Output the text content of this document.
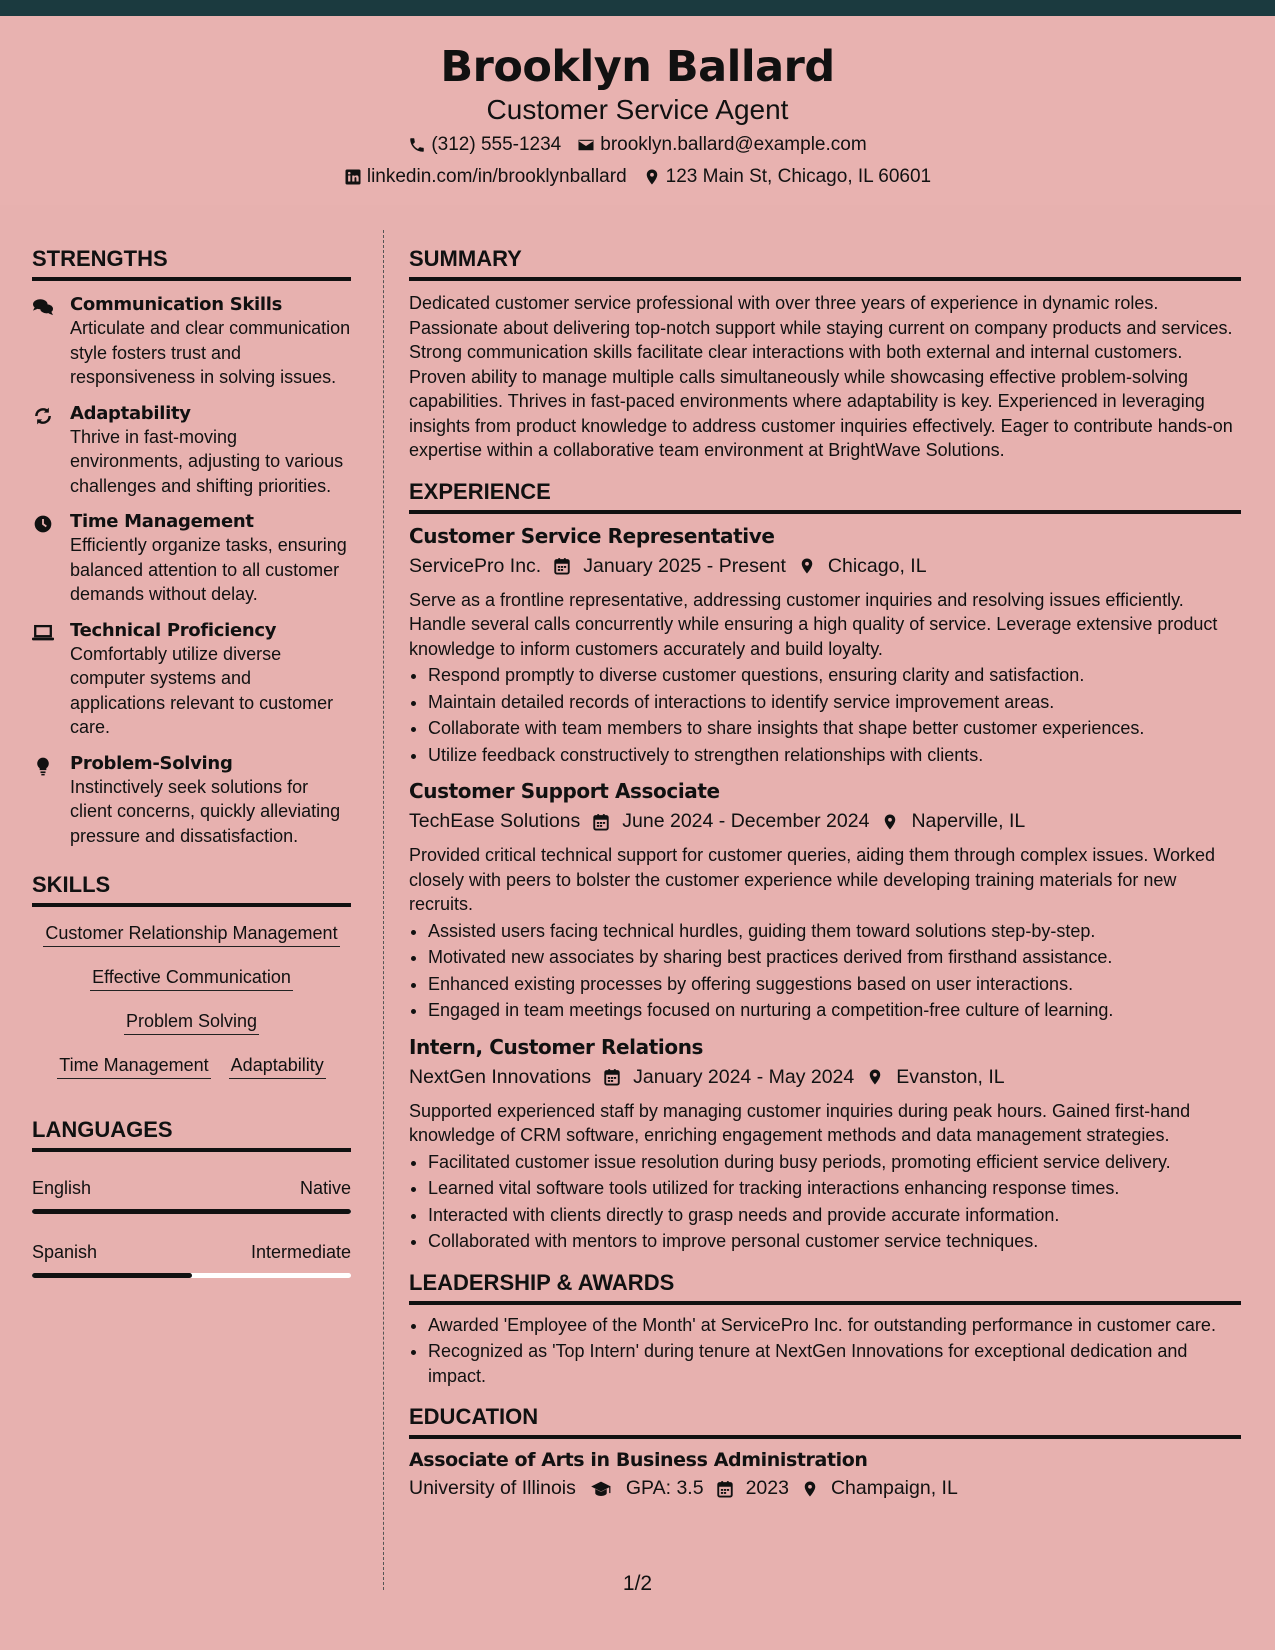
Brooklyn Ballard
Customer Service Agent
(312) 555-1234 brooklyn.ballard@example.com
linkedin.com/in/brooklynballard 123 Main St, Chicago, IL 60601
STRENGTHS
Communication Skills
Articulate and clear communication style fosters trust and responsiveness in solving issues.
Adaptability
Thrive in fast-moving environments, adjusting to various challenges and shifting priorities.
Time Management
Efficiently organize tasks, ensuring balanced attention to all customer demands without delay.
Technical Proficiency
Comfortably utilize diverse computer systems and applications relevant to customer care.
Problem-Solving
Instinctively seek solutions for client concerns, quickly alleviating pressure and dissatisfaction.
SKILLS
Customer Relationship Management
Effective Communication
Problem Solving
Time Management Adaptability
LANGUAGES
English	Native
Spanish	Intermediate
SUMMARY
Dedicated customer service professional with over three years of experience in dynamic roles. Passionate about delivering top-notch support while staying current on company products and services. Strong communication skills facilitate clear interactions with both external and internal customers. Proven ability to manage multiple calls simultaneously while showcasing effective problem-solving capabilities. Thrives in fast-paced environments where adaptability is key. Experienced in leveraging insights from product knowledge to address customer inquiries effectively. Eager to contribute hands-on expertise within a collaborative team environment at BrightWave Solutions.
EXPERIENCE
Customer Service Representative
ServicePro Inc. January 2025 - Present Chicago, IL
Serve as a frontline representative, addressing customer inquiries and resolving issues efficiently. Handle several calls concurrently while ensuring a high quality of service. Leverage extensive product knowledge to inform customers accurately and build loyalty.
• Respond promptly to diverse customer questions, ensuring clarity and satisfaction.
• Maintain detailed records of interactions to identify service improvement areas.
• Collaborate with team members to share insights that shape better customer experiences.
• Utilize feedback constructively to strengthen relationships with clients.
Customer Support Associate
TechEase Solutions June 2024 - December 2024 Naperville, IL
Provided critical technical support for customer queries, aiding them through complex issues. Worked closely with peers to bolster the customer experience while developing training materials for new recruits.
• Assisted users facing technical hurdles, guiding them toward solutions step-by-step.
• Motivated new associates by sharing best practices derived from firsthand assistance.
• Enhanced existing processes by offering suggestions based on user interactions.
• Engaged in team meetings focused on nurturing a competition-free culture of learning.
Intern, Customer Relations
NextGen Innovations January 2024 - May 2024 Evanston, IL
Supported experienced staff by managing customer inquiries during peak hours. Gained first-hand knowledge of CRM software, enriching engagement methods and data management strategies.
• Facilitated customer issue resolution during busy periods, promoting efficient service delivery.
• Learned vital software tools utilized for tracking interactions enhancing response times.
• Interacted with clients directly to grasp needs and provide accurate information.
• Collaborated with mentors to improve personal customer service techniques.
LEADERSHIP & AWARDS
• Awarded 'Employee of the Month' at ServicePro Inc. for outstanding performance in customer care.
• Recognized as 'Top Intern' during tenure at NextGen Innovations for exceptional dedication and impact.
EDUCATION
Associate of Arts in Business Administration
University of Illinois	GPA: 3.5 2023 Champaign, IL
1/2
